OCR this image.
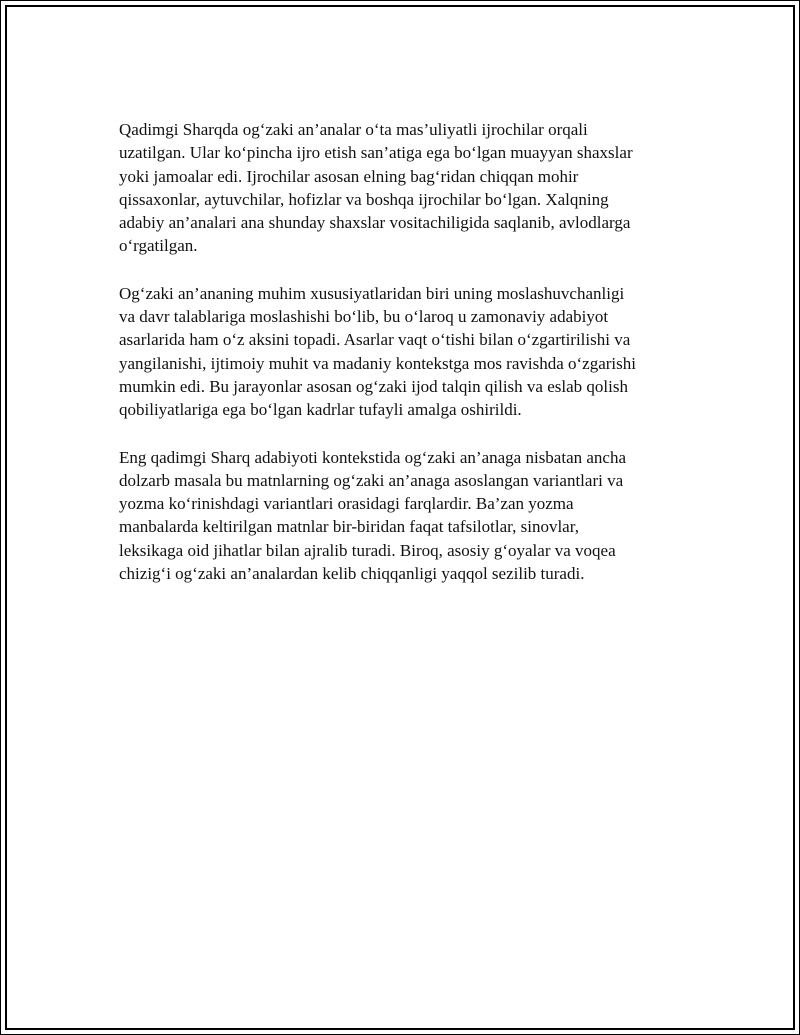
Qadimgi Sharqda og‘zaki an’analar o‘ta mas’uliyatli ijrochilar orqali
uzatilgan. Ular ko‘pincha ijro etish san’atiga ega bo‘lgan muayyan shaxslar
yoki jamoalar edi. Ijrochilar asosan elning bag‘ridan chiqqan mohir
qissaxonlar, aytuvchilar, hofizlar va boshqa ijrochilar bo‘lgan. Xalqning
adabiy an’analari ana shunday shaxslar vositachiligida saqlanib, avlodlarga
o‘rgatilgan.

Og‘zaki an’ananing muhim xususiyatlaridan biri uning moslashuvchanligi
va davr talablariga moslashishi bo‘lib, bu o‘laroq u zamonaviy adabiyot
asarlarida ham o‘z aksini topadi. Asarlar vaqt o‘tishi bilan o‘zgartirilishi va
yangilanishi, ijtimoiy muhit va madaniy kontekstga mos ravishda o‘zgarishi
mumkin edi. Bu jarayonlar asosan og‘zaki ijod talqin qilish va eslab qolish
qobiliyatlariga ega bo‘lgan kadrlar tufayli amalga oshirildi.

Eng qadimgi Sharq adabiyoti kontekstida og‘zaki an’anaga nisbatan ancha
dolzarb masala bu matnlarning og‘zaki an’anaga asoslangan variantlari va
yozma ko‘rinishdagi variantlari orasidagi farqlardir. Ba’zan yozma
manbalarda keltirilgan matnlar bir-biridan faqat tafsilotlar, sinovlar,
leksikaga oid jihatlar bilan ajralib turadi. Biroq, asosiy g‘oyalar va voqea
chizig‘i og‘zaki an’analardan kelib chiqqanligi yaqqol sezilib turadi.
